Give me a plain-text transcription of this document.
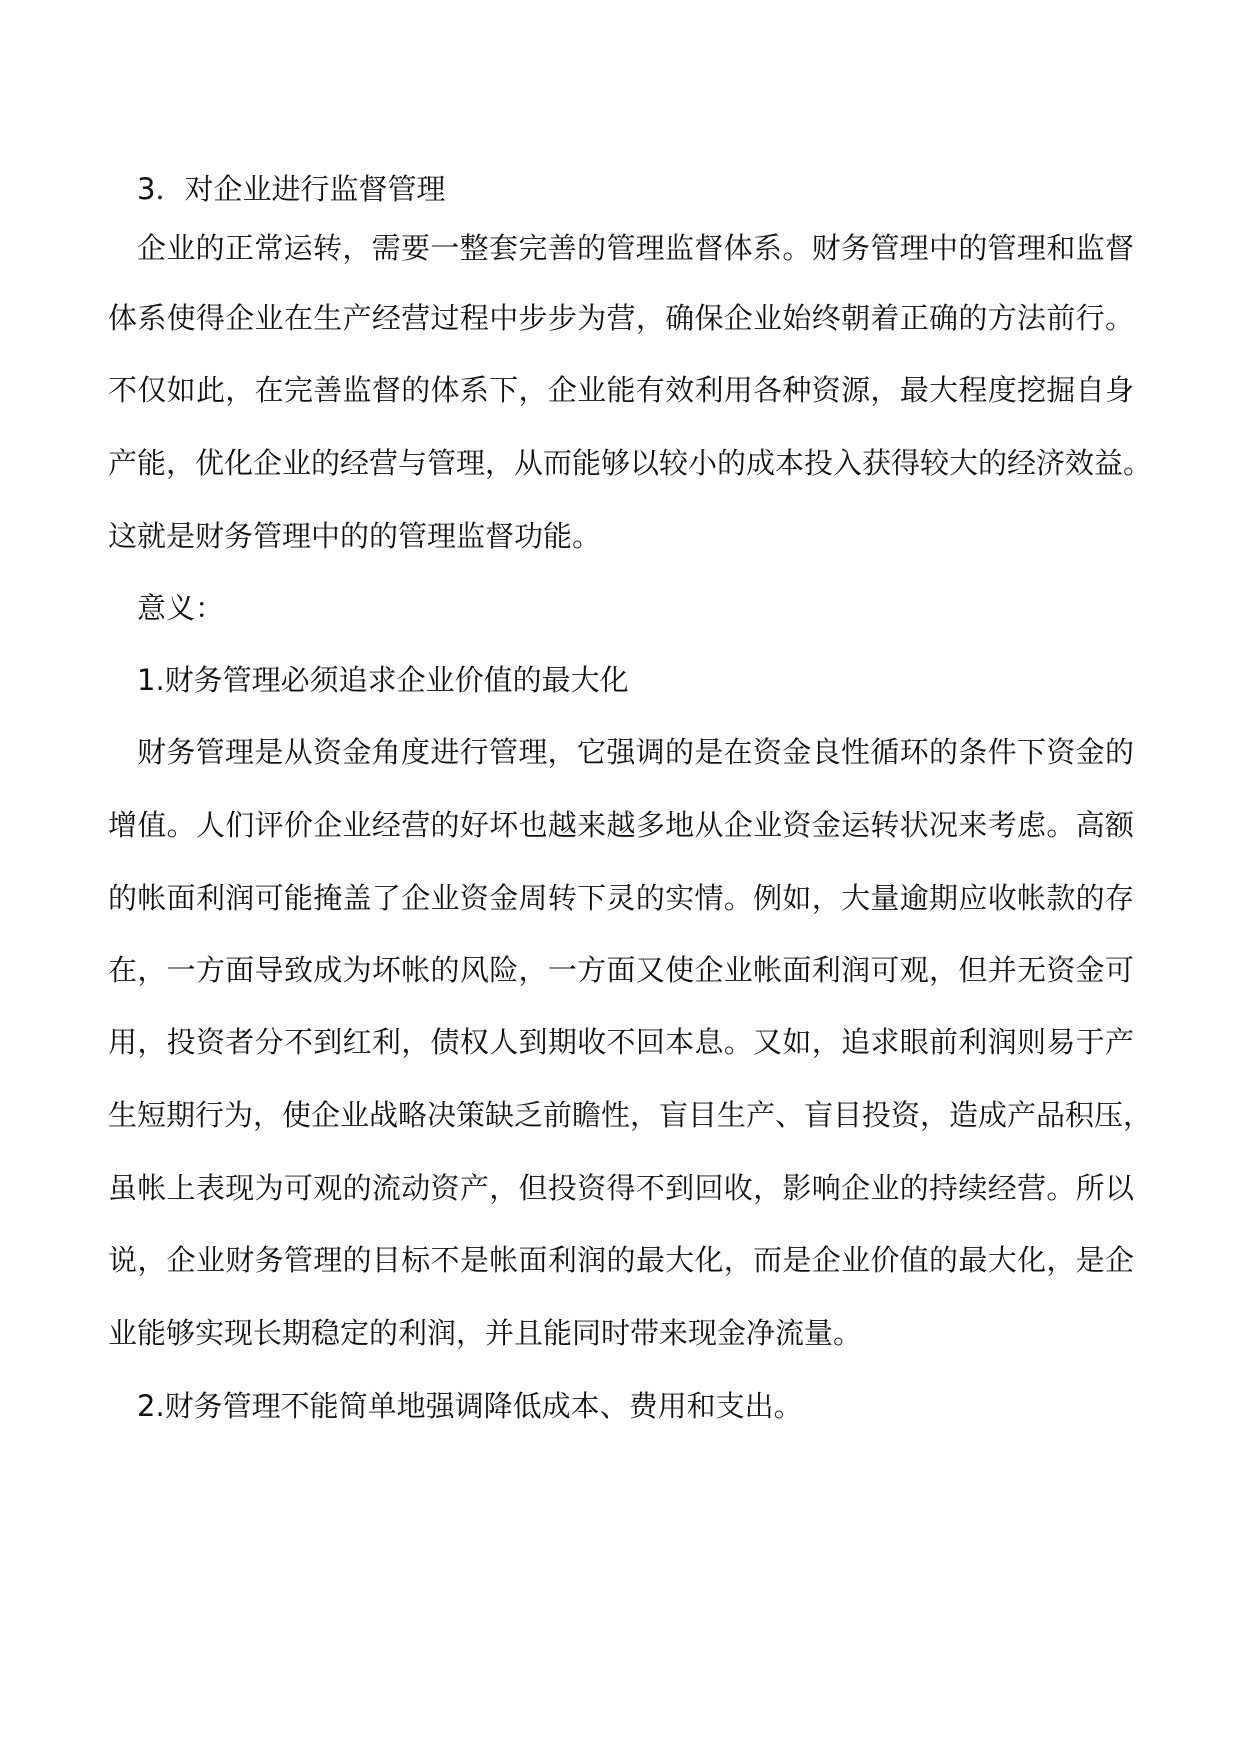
3．对企业进行监督管理
企业的正常运转，需要一整套完善的管理监督体系。财务管理中的管理和监督
体系使得企业在生产经营过程中步步为营，确保企业始终朝着正确的方法前行。
不仅如此，在完善监督的体系下，企业能有效利用各种资源，最大程度挖掘自身
产能，优化企业的经营与管理，从而能够以较小的成本投入获得较大的经济效益。
这就是财务管理中的的管理监督功能。
意义：
1.财务管理必须追求企业价值的最大化
财务管理是从资金角度进行管理，它强调的是在资金良性循环的条件下资金的
增值。人们评价企业经营的好坏也越来越多地从企业资金运转状况来考虑。高额
的帐面利润可能掩盖了企业资金周转下灵的实情。例如，大量逾期应收帐款的存
在，一方面导致成为坏帐的风险，一方面又使企业帐面利润可观，但并无资金可
用，投资者分不到红利，债权人到期收不回本息。又如，追求眼前利润则易于产
生短期行为，使企业战略决策缺乏前瞻性，盲目生产、盲目投资，造成产品积压，
虽帐上表现为可观的流动资产，但投资得不到回收，影响企业的持续经营。所以
说，企业财务管理的目标不是帐面利润的最大化，而是企业价值的最大化，是企
业能够实现长期稳定的利润，并且能同时带来现金净流量。
2.财务管理不能简单地强调降低成本、费用和支出。
